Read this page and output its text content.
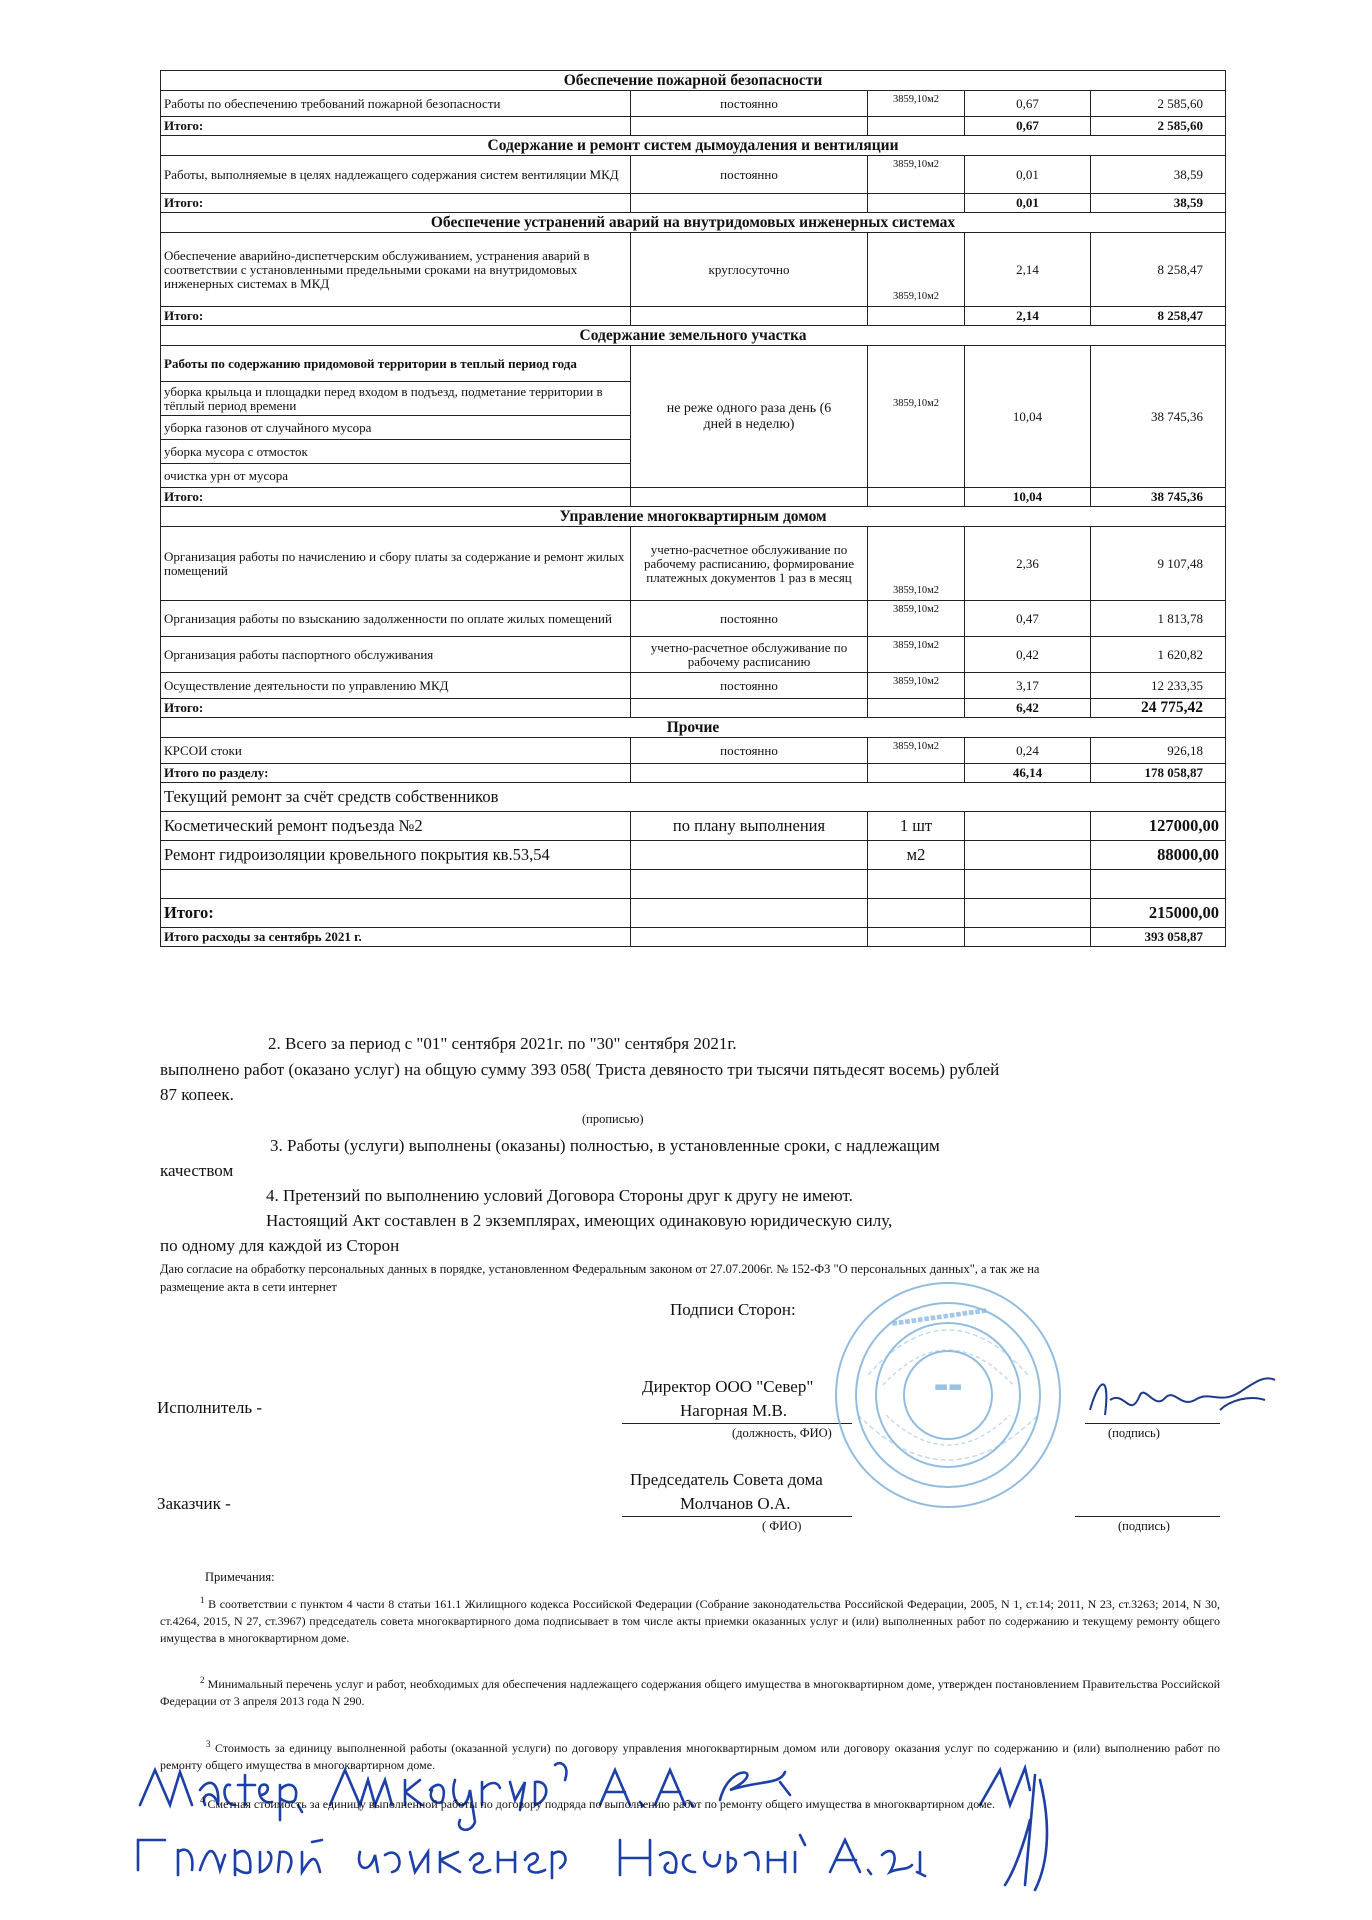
Обеспечение пожарной безопасности				
Работы по обеспечению требований пожарной безопасности	постоянно	3859,10м2	0,67	2 585,60
Итого:			0,67	2 585,60
Содержание и ремонт систем дымоудаления и вентиляции				
Работы, выполняемые в целях надлежащего содержания систем вентиляции МКД	постоянно	3859,10м2	0,01	38,59
Итого:			0,01	38,59
Обеспечение устранений аварий на внутридомовых инженерных системах				
Обеспечение аварийно-диспетчерским обслуживанием, устранения аварий в соответствии с установленными предельными сроками на внутридомовых инженерных системах в МКД	круглосуточно	3859,10м2	2,14	8 258,47
Итого:			2,14	8 258,47
Содержание земельного участка				
Работы по содержанию придомовой территории в теплый период года	не реже одного раза день (6 дней в неделю)	3859,10м2	10,04	38 745,36
уборка крыльца и площадки перед входом в подъезд, подметание территории в тёплый период времени				
уборка газонов от случайного мусора				
уборка мусора с отмосток				
очистка урн от мусора				
Итого:			10,04	38 745,36
Управление многоквартирным домом				
Организация работы по начислению и сбору платы за содержание и ремонт жилых помещений	учетно-расчетное обслуживание по рабочему расписанию, формирование платежных документов 1 раз в месяц	3859,10м2	2,36	9 107,48
Организация работы по взысканию задолженности по оплате жилых помещений	постоянно	3859,10м2	0,47	1 813,78
Организация работы паспортного обслуживания	учетно-расчетное обслуживание по рабочему расписанию	3859,10м2	0,42	1 620,82
Осуществление деятельности по управлению МКД	постоянно	3859,10м2	3,17	12 233,35
Итого:			6,42	24 775,42
Прочие				
КРСОИ стоки	постоянно	3859,10м2	0,24	926,18
Итого по разделу:			46,14	178 058,87
Текущий ремонт за счёт средств собственников				
Косметический ремонт подъезда №2	по плану выполнения	1 шт		127000,00
Ремонт гидроизоляции кровельного покрытия кв.53,54		м2		88000,00

Итого:				215000,00
Итого расходы за сентябрь 2021 г.				393 058,87
2. Всего за период с "01" сентября 2021г. по "30" сентября 2021г.
выполнено работ (оказано услуг) на общую сумму 393 058( Триста девяносто три тысячи пятьдесят восемь) рублей
87 копеек.
(прописью)
3. Работы (услуги) выполнены (оказаны) полностью, в установленные сроки, с надлежащим
качеством
4. Претензий по выполнению условий Договора Стороны друг к другу не имеют.
Настоящий Акт составлен в 2 экземплярах, имеющих одинаковую юридическую силу,
по одному для каждой из Сторон
Даю согласие на обработку персональных данных в порядке, установленном Федеральным законом от 27.07.2006г. № 152-ФЗ "О персональных данных", а так же на
размещение акта в сети интернет
Подписи Сторон:
Исполнитель -
Директор ООО "Север"
Нагорная М.В.
(должность, ФИО)	(подпись)
Заказчик -
Председатель Совета дома
Молчанов О.А.
( ФИО)	(подпись)
Примечания:
$^1$ В соответствии с пунктом 4 части 8 статьи 161.1 Жилищного кодекса Российской Федерации (Собрание законодательства Российской Федерации, 2005, N 1, ст.14; 2011, N 23, ст.3263; 2014, N 30, ст.4264, 2015, N 27, ст.3967) председатель совета многоквартирного дома подписывает в том числе акты приемки оказанных услуг и (или) выполненных работ по содержанию и текущему ремонту общего имущества в многоквартирном доме.
$^2$ Минимальный перечень услуг и работ, необходимых для обеспечения надлежащего содержания общего имущества в многоквартирном доме, утвержден постановлением Правительства Российской Федерации от 3 апреля 2013 года N 290.
$^3$ Стоимость за единицу выполненной работы (оказанной услуги) по договору управления многоквартирным домом или договору оказания услуг по содержанию и (или) выполнению работ по ремонту общего имущества в многоквартирном доме.
$^4$ Сметная стоимость за единицу выполненной работы по договору подряда по выполнению работ по ремонту общего имущества в многоквартирном доме.
▪▪▪▪▪▪▪▪▪▪▪▪▪▪▪
▬▬
